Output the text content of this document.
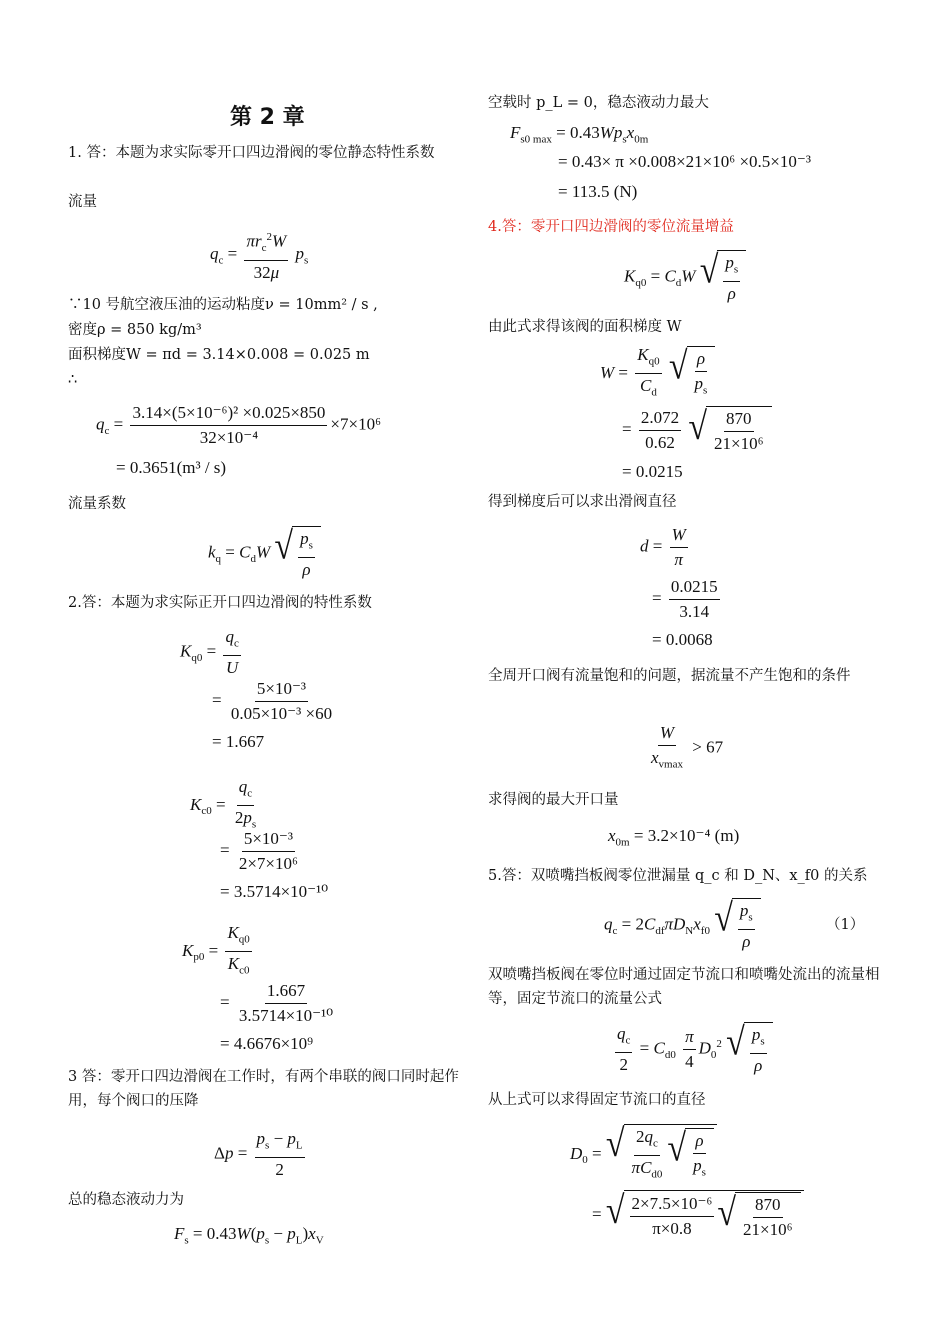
第 2 章
1. 答：本题为求实际零开口四边滑阀的零位静态特性系数
流量
$q_c = \frac{\pi r_c^2W}{32\mu} p_s$
∵10 号航空液压油的运动粘度ν = 10mm² / s ,
密度ρ = 850 kg/m³
面积梯度W = πd = 3.14×0.008 = 0.025 m
∴
$q_c = \frac{\text{3.14×(5×10⁻⁶)² ×0.025×850}}{\text{32×10⁻⁴}} \times 7\times 10^6$
= 0.3651(m³ / s)
流量系数
$k_q = C_dW$ √ $\frac{p_s}{\rho}$
2.答：本题为求实际正开口四边滑阀的特性系数
$K_{q0} = \frac{q_c}{U}$
= $\frac{\text{5×10⁻³}}{\text{0.05×10⁻³ ×60}}$
= 1.667
$K_{c0} = \frac{q_c}{2p_s}$
= $\frac{\text{5×10⁻³}}{\text{2×7×10⁶}}$
= 3.5714×10⁻¹⁰
$K_{p0} = \frac{K_{q0}}{K_{c0}}$
= $\frac{1.667}{\text{3.5714×10⁻¹⁰}}$
= 4.6676×10⁹
3 答：零开口四边滑阀在工作时，有两个串联的阀口同时起作用，每个阀口的压降
$\Delta p = \frac{p_s - p_L}{2}$
总的稳态液动力为
$F_s = 0.43W(p_s - p_L)x_V$
空载时 p_L = 0，稳态液动力最大
$F_{s0 max} = 0.43Wp_sx_{0m}$
= 0.43× π ×0.008×21×10⁶ ×0.5×10⁻³
= 113.5 (N)
4.答：零开口四边滑阀的零位流量增益
$K_{q0} = C_dW$ √ $\frac{p_s}{\rho}$
由此式求得该阀的面积梯度 W
$W = \frac{K_{q0}}{C_d}$
√ $\frac{\rho}{p_s}$
= $\frac{2.072}{0.62}$
√ $\frac{870}{\text{21×10⁶}}$
= 0.0215
得到梯度后可以求出滑阀直径
$d = \frac{W}{\pi}$
= $\frac{0.0215}{3.14}$
= 0.0068
全周开口阀有流量饱和的问题，据流量不产生饱和的条件
$\frac{W}{x_{vmax}} > 67$
求得阀的最大开口量
$x_{0m} = 3.2\times 10^{-4}$ (m)
5.答：双喷嘴挡板阀零位泄漏量 q_c 和 D_N、x_f0 的关系
$q_c = 2C_{df}\pi D_Nx_{f0}$ √ $\frac{p_s}{\rho}$	（1）
双喷嘴挡板阀在零位时通过固定节流口和喷嘴处流出的流量相等，固定节流口的流量公式
$\frac{q_c}{2} = C_{d0} \frac{\pi}{4} D_0^2$ √ $\frac{p_s}{\rho}$
从上式可以求得固定节流口的直径
$D_0$ = √ $\frac{2q_c}{\pi C_{d0}}$ √ $\frac{\rho}{p_s}$
= √ $\frac{\text{2×7.5×10⁻⁶}}{\pi\times 0.8}$ √ $\frac{870}{\text{21×10⁶}}$
